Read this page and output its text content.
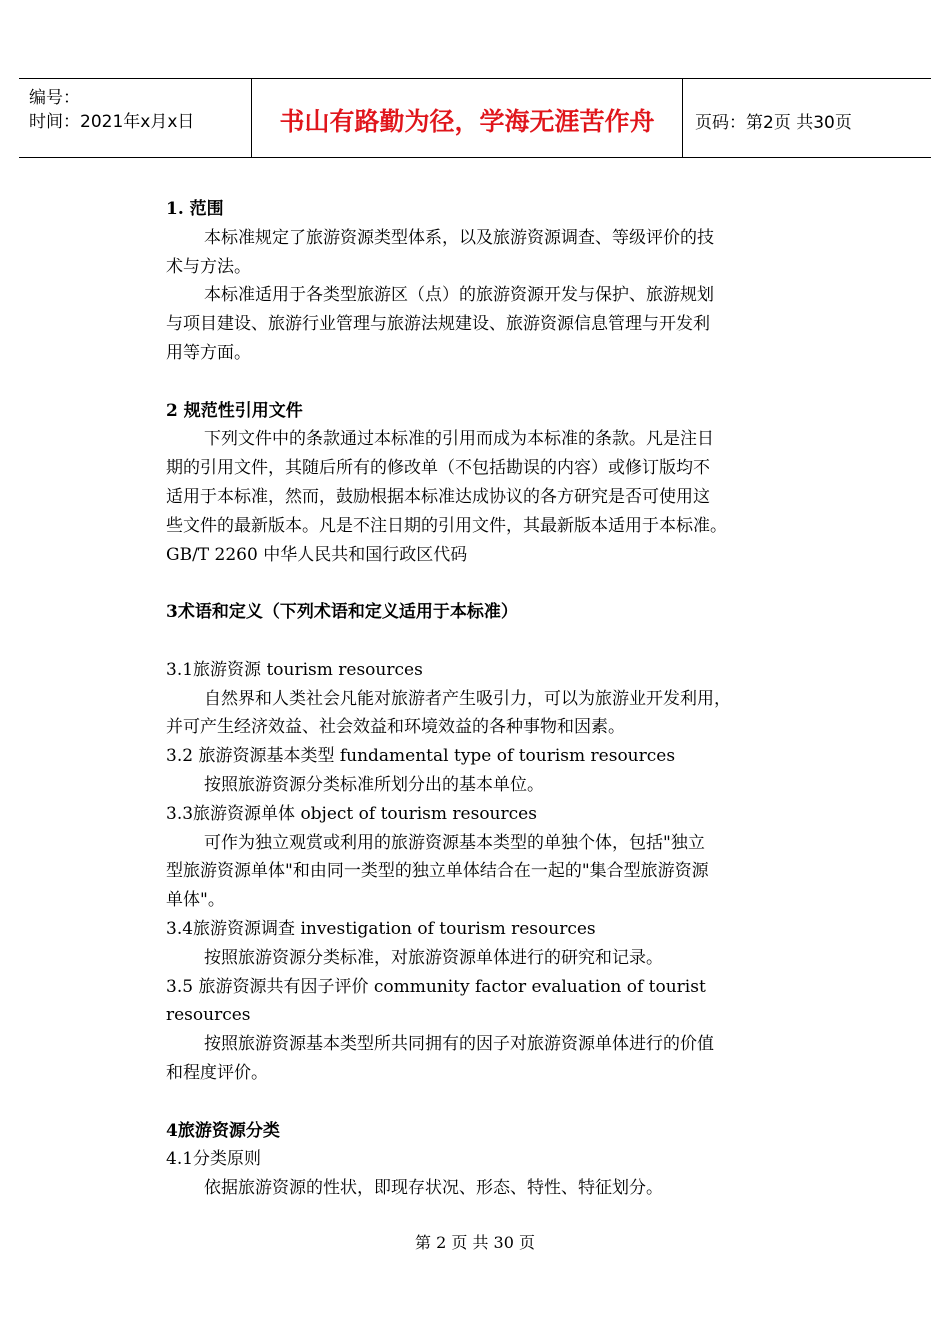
编号：
时间：2021年x月x日	书山有路勤为径，学海无涯苦作舟	页码：第2页 共30页

1. 范围

本标准规定了旅游资源类型体系，以及旅游资源调查、等级评价的技

术与方法。

本标准适用于各类型旅游区（点）的旅游资源开发与保护、旅游规划

与项目建设、旅游行业管理与旅游法规建设、旅游资源信息管理与开发利

用等方面。

2 规范性引用文件

下列文件中的条款通过本标准的引用而成为本标准的条款。凡是注日

期的引用文件，其随后所有的修改单（不包括勘误的内容）或修订版均不

适用于本标准，然而，鼓励根据本标准达成协议的各方研究是否可使用这

些文件的最新版本。凡是不注日期的引用文件，其最新版本适用于本标准。

GB/T 2260 中华人民共和国行政区代码

3术语和定义（下列术语和定义适用于本标准）

3.1旅游资源 tourism resources

自然界和人类社会凡能对旅游者产生吸引力，可以为旅游业开发利用，

并可产生经济效益、社会效益和环境效益的各种事物和因素。

3.2 旅游资源基本类型 fundamental type of tourism resources

按照旅游资源分类标准所划分出的基本单位。

3.3旅游资源单体 object of tourism resources

可作为独立观赏或利用的旅游资源基本类型的单独个体，包括"独立

型旅游资源单体"和由同一类型的独立单体结合在一起的"集合型旅游资源

单体"。

3.4旅游资源调查 investigation of tourism resources

按照旅游资源分类标准，对旅游资源单体进行的研究和记录。

3.5 旅游资源共有因子评价 community factor evaluation of tourist

resources

按照旅游资源基本类型所共同拥有的因子对旅游资源单体进行的价值

和程度评价。

4旅游资源分类

4.1分类原则

依据旅游资源的性状，即现存状况、形态、特性、特征划分。

第 2 页 共 30 页
